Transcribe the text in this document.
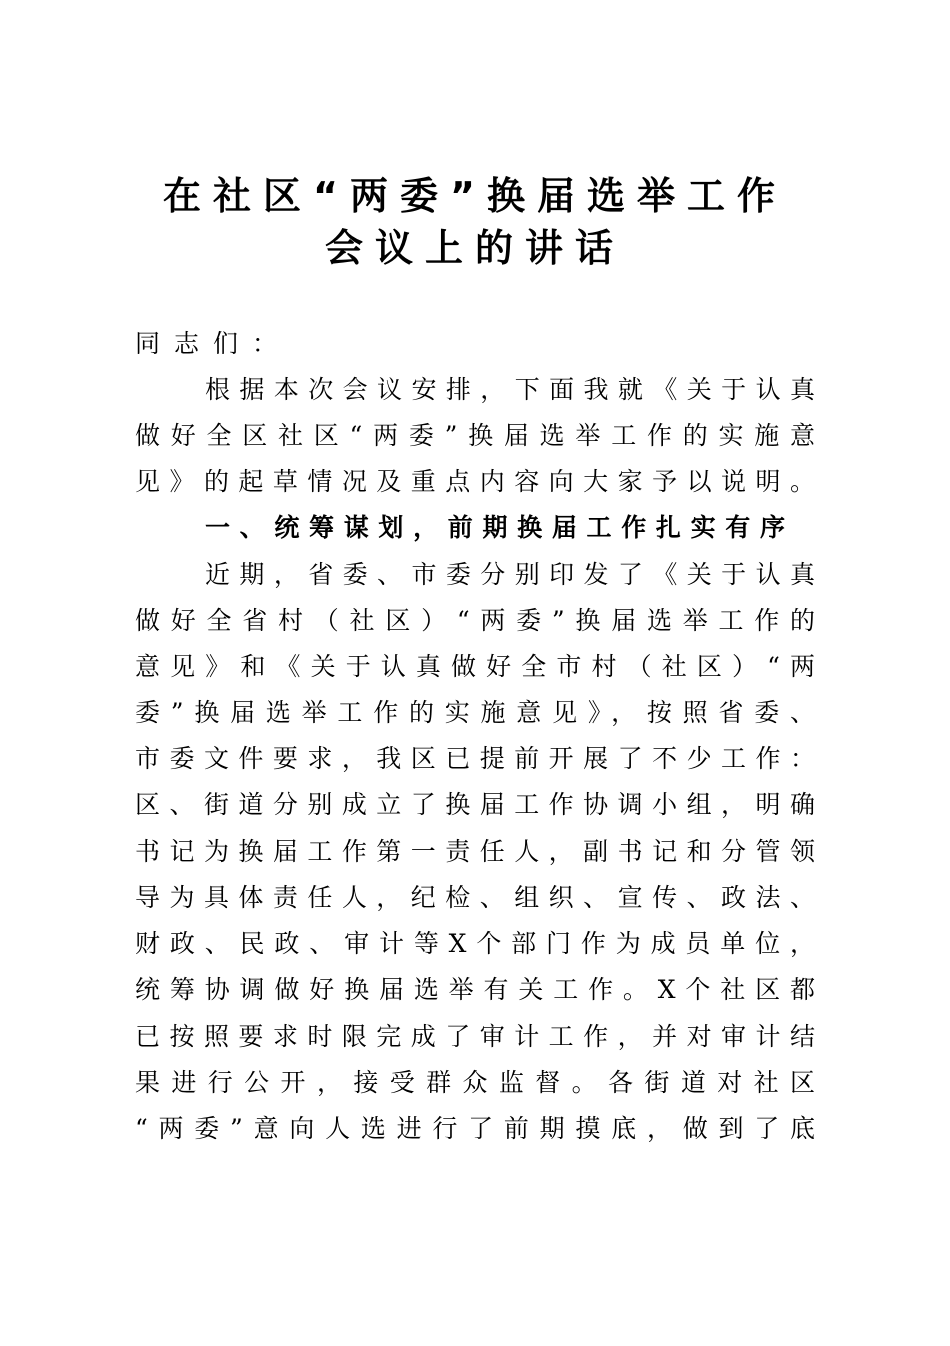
在社区“两委”换届选举工作
会议上的讲话
同志们：
根据本次会议安排，下面我就《关于认真
做好全区社区“两委”换届选举工作的实施意
见》的起草情况及重点内容向大家予以说明。
一、统筹谋划，前期换届工作扎实有序
近期，省委、市委分别印发了《关于认真
做好全省村（社区）“两委”换届选举工作的
意见》和《关于认真做好全市村（社区）“两
委”换届选举工作的实施意见》，按照省委、
市委文件要求，我区已提前开展了不少工作：
区、街道分别成立了换届工作协调小组，明确
书记为换届工作第一责任人，副书记和分管领
导为具体责任人，纪检、组织、宣传、政法、
财政、民政、审计等X个部门作为成员单位，
统筹协调做好换届选举有关工作。X个社区都
已按照要求时限完成了审计工作，并对审计结
果进行公开，接受群众监督。各街道对社区
“两委”意向人选进行了前期摸底，做到了底
